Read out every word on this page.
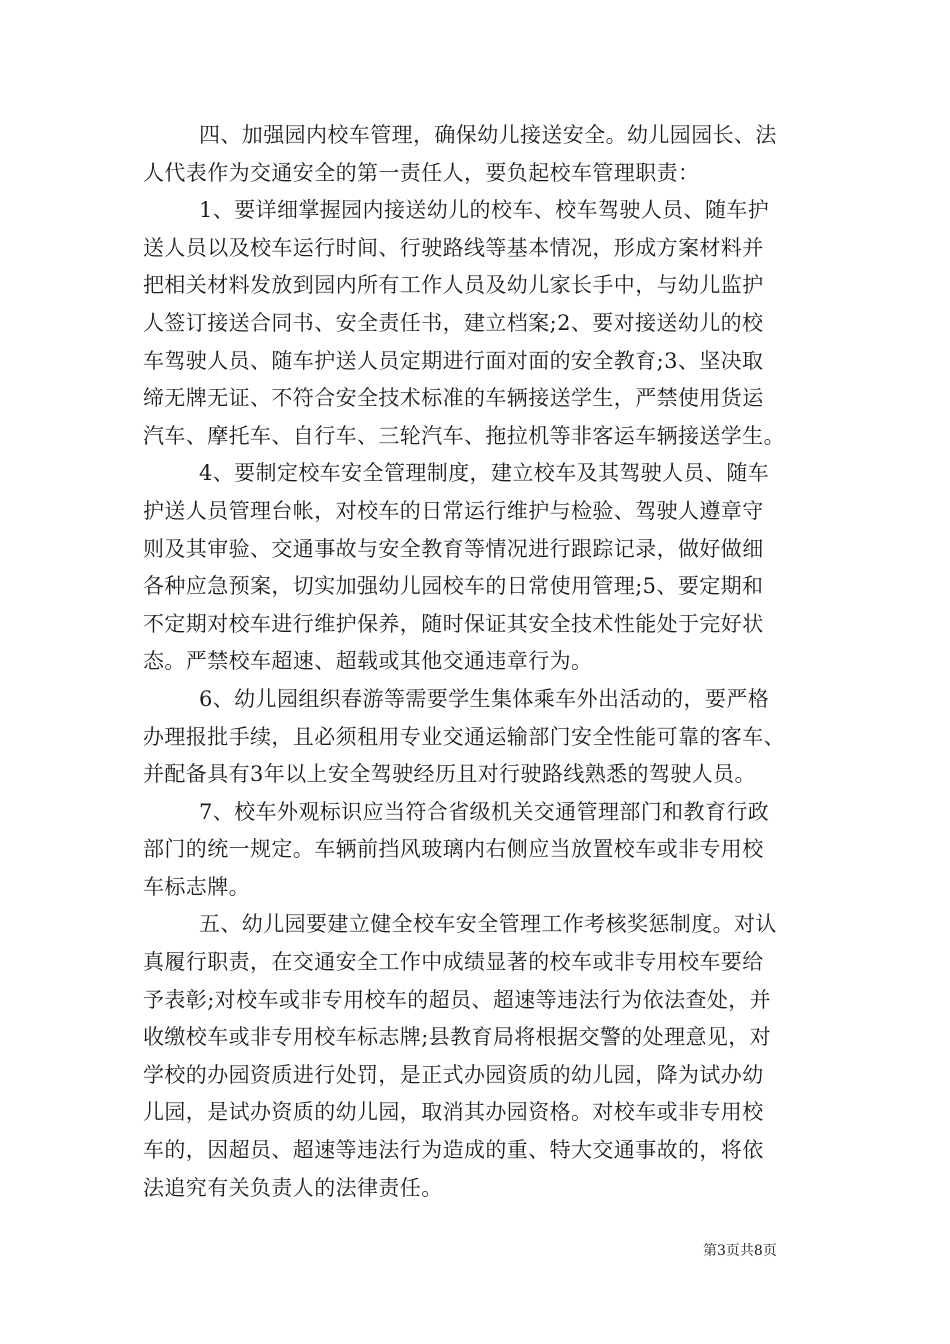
四、加强园内校车管理，确保幼儿接送安全。幼儿园园长、法
人代表作为交通安全的第一责任人，要负起校车管理职责：
1、要详细掌握园内接送幼儿的校车、校车驾驶人员、随车护
送人员以及校车运行时间、行驶路线等基本情况，形成方案材料并
把相关材料发放到园内所有工作人员及幼儿家长手中，与幼儿监护
人签订接送合同书、安全责任书，建立档案;2、要对接送幼儿的校
车驾驶人员、随车护送人员定期进行面对面的安全教育;3、坚决取
缔无牌无证、不符合安全技术标准的车辆接送学生，严禁使用货运
汽车、摩托车、自行车、三轮汽车、拖拉机等非客运车辆接送学生。
4、要制定校车安全管理制度，建立校车及其驾驶人员、随车
护送人员管理台帐，对校车的日常运行维护与检验、驾驶人遵章守
则及其审验、交通事故与安全教育等情况进行跟踪记录，做好做细
各种应急预案，切实加强幼儿园校车的日常使用管理;5、要定期和
不定期对校车进行维护保养，随时保证其安全技术性能处于完好状
态。严禁校车超速、超载或其他交通违章行为。
6、幼儿园组织春游等需要学生集体乘车外出活动的，要严格
办理报批手续，且必须租用专业交通运输部门安全性能可靠的客车、
并配备具有3年以上安全驾驶经历且对行驶路线熟悉的驾驶人员。
7、校车外观标识应当符合省级机关交通管理部门和教育行政
部门的统一规定。车辆前挡风玻璃内右侧应当放置校车或非专用校
车标志牌。
五、幼儿园要建立健全校车安全管理工作考核奖惩制度。对认
真履行职责，在交通安全工作中成绩显著的校车或非专用校车要给
予表彰;对校车或非专用校车的超员、超速等违法行为依法查处，并
收缴校车或非专用校车标志牌;县教育局将根据交警的处理意见，对
学校的办园资质进行处罚，是正式办园资质的幼儿园，降为试办幼
儿园，是试办资质的幼儿园，取消其办园资格。对校车或非专用校
车的，因超员、超速等违法行为造成的重、特大交通事故的，将依
法追究有关负责人的法律责任。
第3页共8页
